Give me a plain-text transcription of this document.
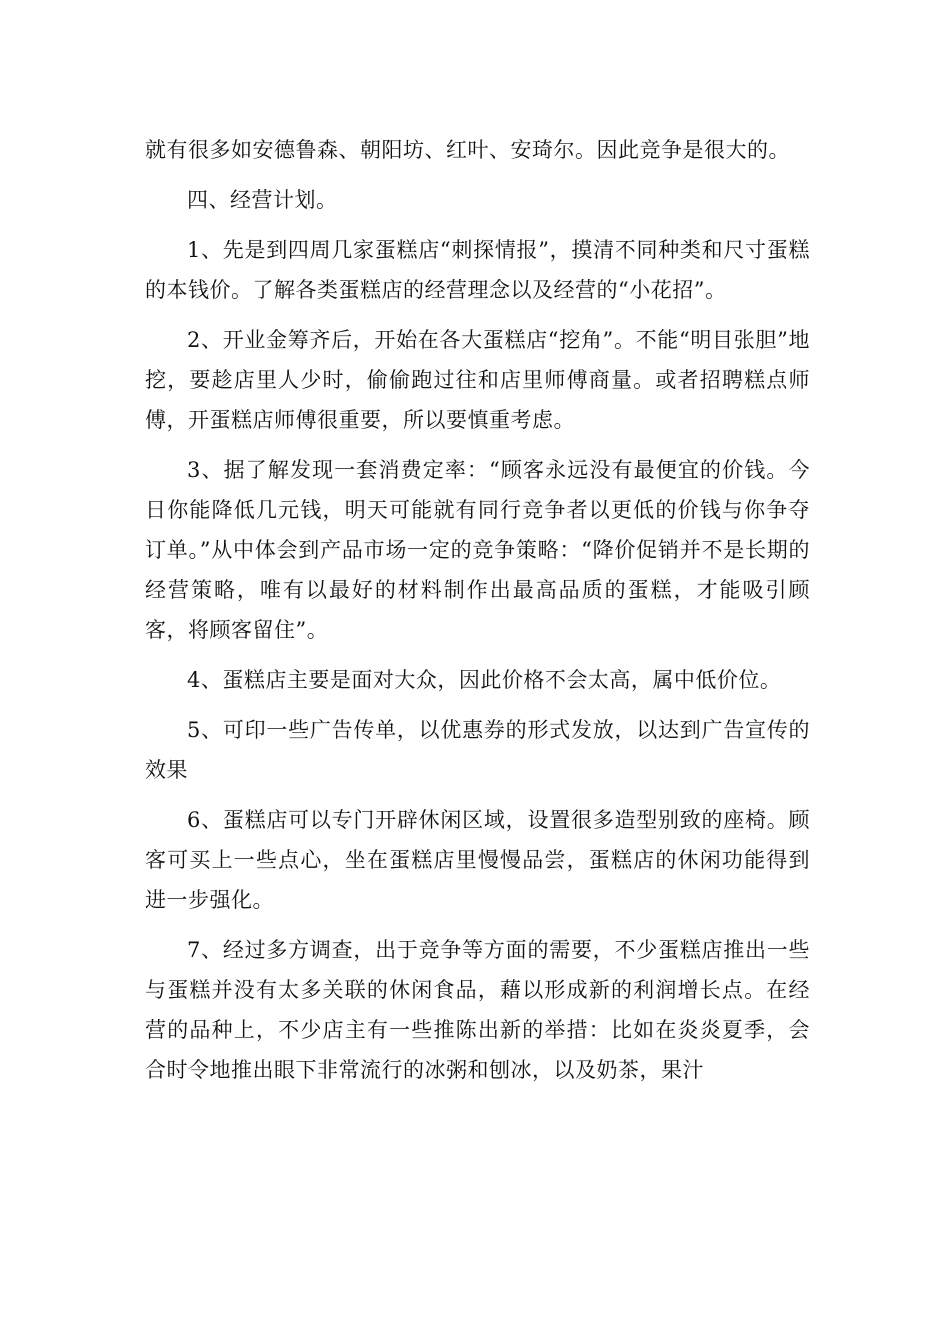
就有很多如安德鲁森、朝阳坊、红叶、安琦尔。因此竞争是很大的。

四、经营计划。

1、先是到四周几家蛋糕店“刺探情报”，摸清不同种类和尺寸蛋糕的本钱价。了解各类蛋糕店的经营理念以及经营的“小花招”。

2、开业金筹齐后，开始在各大蛋糕店“挖角”。不能“明目张胆”地挖，要趁店里人少时，偷偷跑过往和店里师傅商量。或者招聘糕点师傅，开蛋糕店师傅很重要，所以要慎重考虑。

3、据了解发现一套消费定率：“顾客永远没有最便宜的价钱。今日你能降低几元钱，明天可能就有同行竞争者以更低的价钱与你争夺订单。”从中体会到产品市场一定的竞争策略：“降价促销并不是长期的经营策略，唯有以最好的材料制作出最高品质的蛋糕，才能吸引顾客，将顾客留住”。

4、蛋糕店主要是面对大众，因此价格不会太高，属中低价位。

5、可印一些广告传单，以优惠券的形式发放，以达到广告宣传的效果

6、蛋糕店可以专门开辟休闲区域，设置很多造型别致的座椅。顾客可买上一些点心，坐在蛋糕店里慢慢品尝，蛋糕店的休闲功能得到进一步强化。

7、经过多方调查，出于竞争等方面的需要，不少蛋糕店推出一些与蛋糕并没有太多关联的休闲食品，藉以形成新的利润增长点。在经营的品种上，不少店主有一些推陈出新的举措：比如在炎炎夏季，会合时令地推出眼下非常流行的冰粥和刨冰，以及奶茶，果汁
